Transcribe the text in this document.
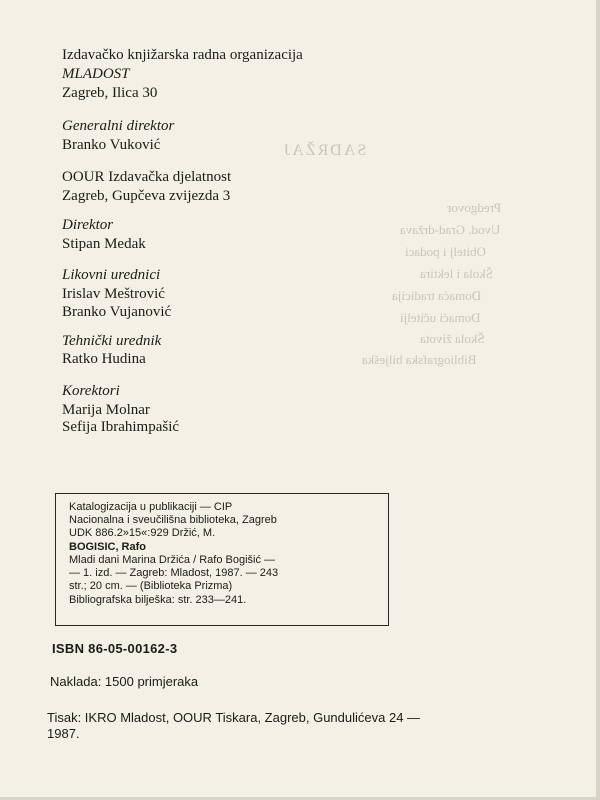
SADRŽAJ
Predgovor
Uvod. Grad-država
Obitelj i podaci
Škola i lektira
Domaća tradicija
Domaći učitelji
Škola života
Bibliografska bilješka
Izdavačko knjižarska radna organizacija
MLADOST
Zagreb, Ilica 30
Generalni direktor
Branko Vuković
OOUR Izdavačka djelatnost
Zagreb, Gupčeva zvijezda 3
Direktor
Stipan Medak
Likovni urednici
Irislav Meštrović
Branko Vujanović
Tehnički urednik
Ratko Hudina
Korektori
Marija Molnar
Sefija Ibrahimpašić
Katalogizacija u publikaciji — CIP
Nacionalna i sveučilišna biblioteka, Zagreb
UDK 886.2»15«:929 Držić, M.
BOGISIC, Rafo
Mladi dani Marina Držića / Rafo Bogišić —
— 1. izd. — Zagreb: Mladost, 1987. — 243
str.; 20 cm. — (Biblioteka Prizma)
Bibliografska bilješka: str. 233—241.
ISBN 86-05-00162-3
Naklada: 1500 primjeraka
Tisak: IKRO Mladost, OOUR Tiskara, Zagreb, Gundulićeva 24 —
1987.
